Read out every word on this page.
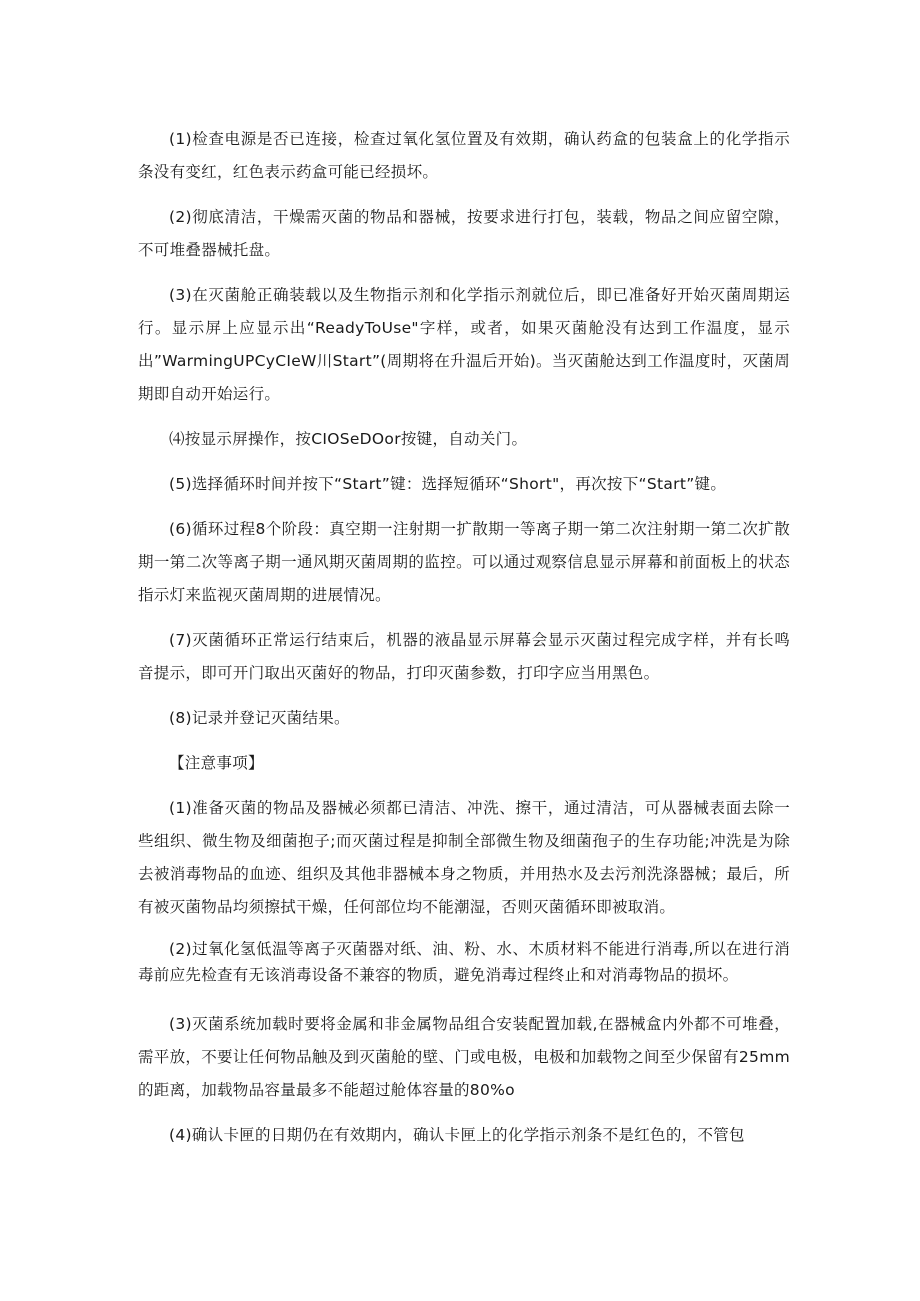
(1)检查电源是否已连接，检查过氧化氢位置及有效期，确认药盒的包装盒上的化学指示条没有变红，红色表示药盒可能已经损坏。

(2)彻底清洁，干燥需灭菌的物品和器械，按要求进行打包，装载，物品之间应留空隙，不可堆叠器械托盘。

(3)在灭菌舱正确装载以及生物指示剂和化学指示剂就位后，即已准备好开始灭菌周期运行。显示屏上应显示出“ReadyToUse"字样，或者，如果灭菌舱没有达到工作温度，显示出”WarmingUPCyCIeW川Start”(周期将在升温后开始)。当灭菌舱达到工作温度时，灭菌周期即自动开始运行。

⑷按显示屏操作，按CIOSeDOor按键，自动关门。

(5)选择循环时间并按下“Start”键：选择短循环“Short"，再次按下“Start”键。

(6)循环过程8个阶段：真空期一注射期一扩散期一等离子期一第二次注射期一第二次扩散期一第二次等离子期一通风期灭菌周期的监控。可以通过观察信息显示屏幕和前面板上的状态指示灯来监视灭菌周期的进展情况。

(7)灭菌循环正常运行结束后，机器的液晶显示屏幕会显示灭菌过程完成字样，并有长鸣音提示，即可开门取出灭菌好的物品，打印灭菌参数，打印字应当用黑色。

(8)记录并登记灭菌结果。

【注意事项】

(1)准备灭菌的物品及器械必须都已清洁、冲洗、擦干，通过清洁，可从器械表面去除一些组织、微生物及细菌抱子;而灭菌过程是抑制全部微生物及细菌孢子的生存功能;冲洗是为除去被消毒物品的血迹、组织及其他非器械本身之物质，并用热水及去污剂洗涤器械；最后，所有被灭菌物品均须擦拭干燥，任何部位均不能潮湿，否则灭菌循环即被取消。

(2)过氧化氢低温等离子灭菌器对纸、油、粉、水、木质材料不能进行消毒,所以在进行消毒前应先检查有无该消毒设备不兼容的物质，避免消毒过程终止和对消毒物品的损坏。

(3)灭菌系统加载时要将金属和非金属物品组合安装配置加载,在器械盒内外都不可堆叠，需平放，不要让任何物品触及到灭菌舱的壁、门或电极，电极和加载物之间至少保留有25mm的距离，加载物品容量最多不能超过舱体容量的80%o

(4)确认卡匣的日期仍在有效期内，确认卡匣上的化学指示剂条不是红色的，不管包
